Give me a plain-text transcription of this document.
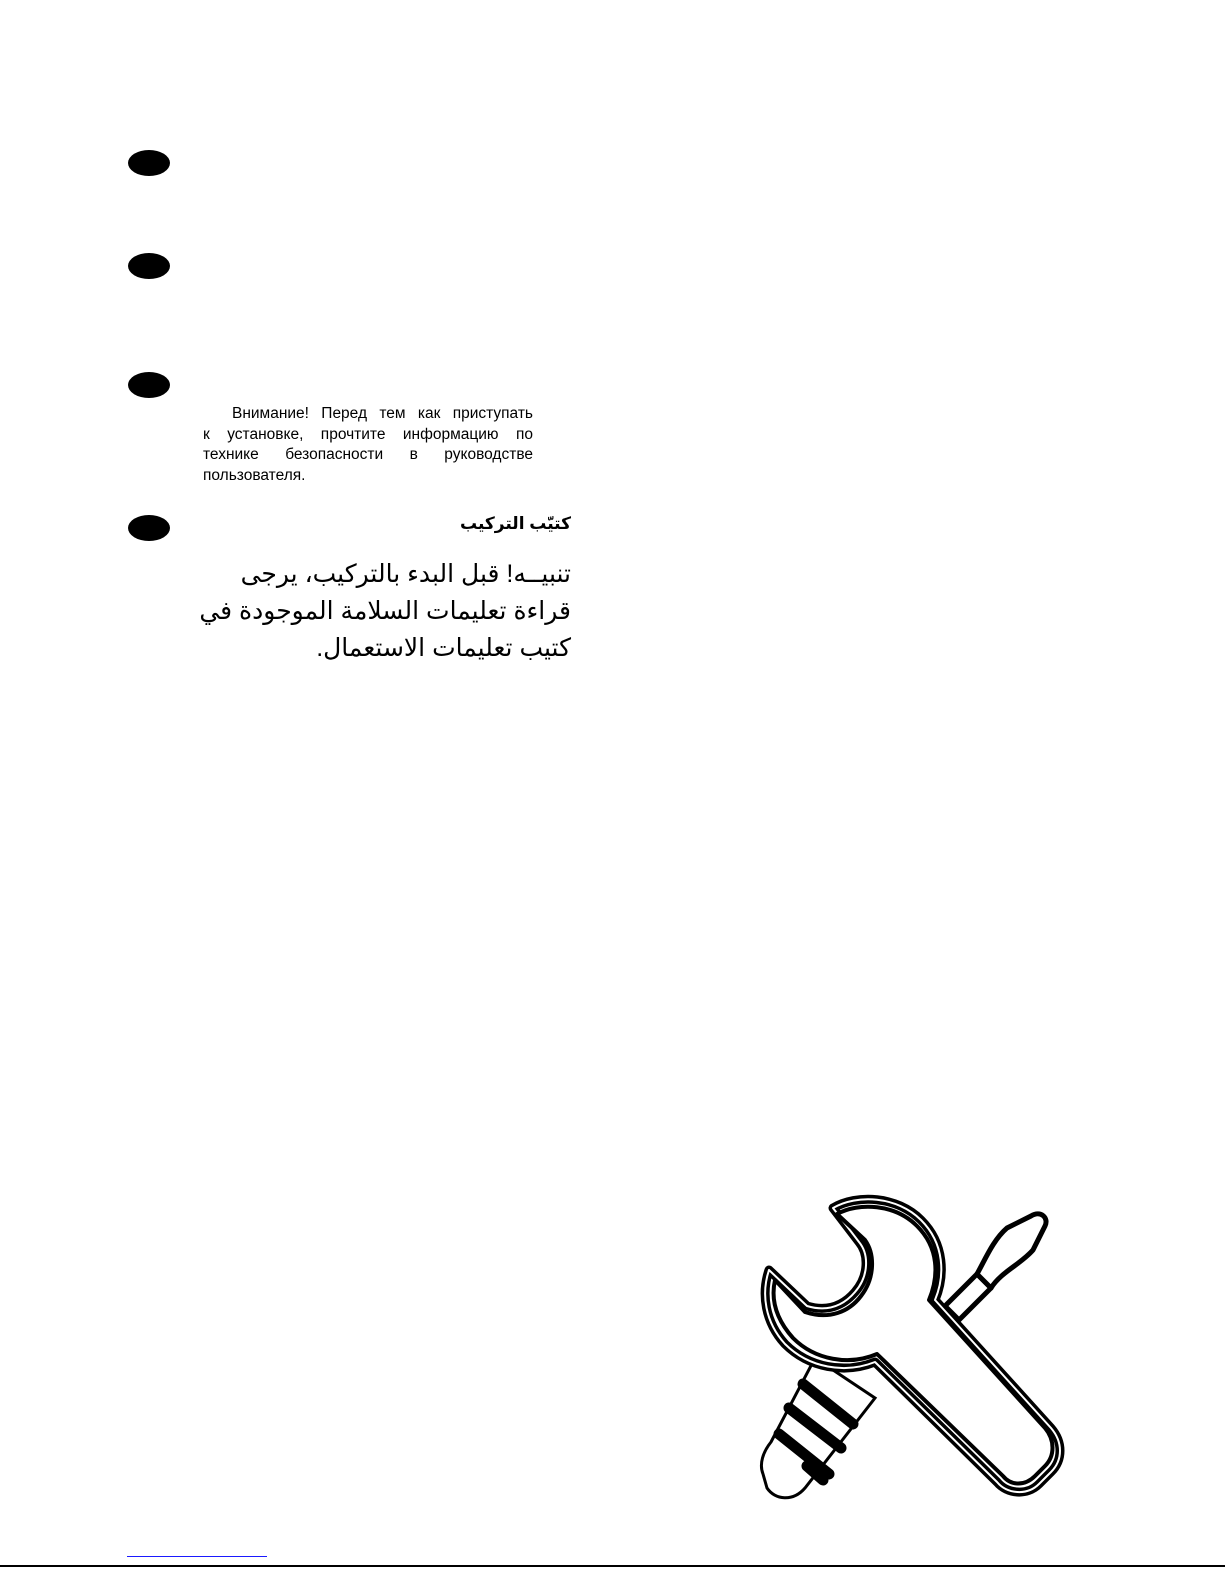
Внимание! Перед тем как приступать
к установке, прочтите информацию по
технике безопасности в руководстве
пользователя.
كتيّب التركيب
تنبيــه! قبل البدء بالتركيب، يرجى
قراءة تعليمات السلامة الموجودة في
كتيب تعليمات الاستعمال.
